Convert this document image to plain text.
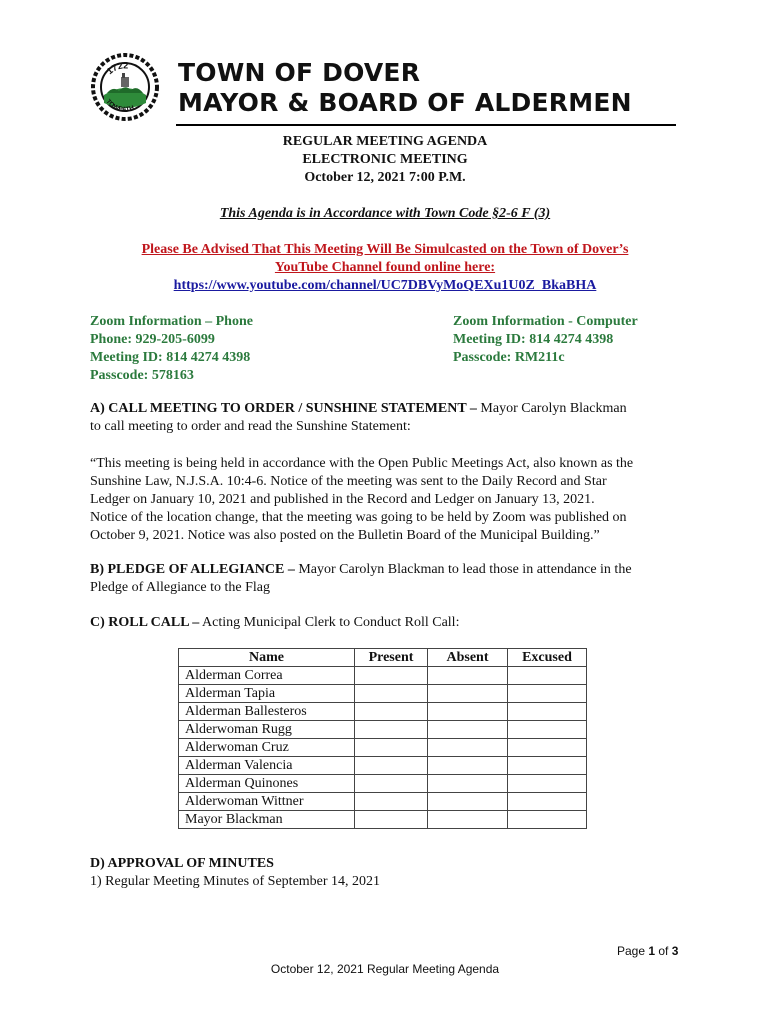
1722
TOWPATH
TOWN OF DOVER
MAYOR & BOARD OF ALDERMEN
REGULAR MEETING AGENDA
ELECTRONIC MEETING
October 12, 2021 7:00 P.M.
This Agenda is in Accordance with Town Code §2-6 F (3)
Please Be Advised That This Meeting Will Be Simulcasted on the Town of Dover’s
YouTube Channel found online here:
https://www.youtube.com/channel/UC7DBVyMoQEXu1U0Z_BkaBHA
Zoom Information – Phone
Phone: 929-205-6099
Meeting ID: 814 4274 4398
Passcode: 578163
Zoom Information - Computer
Meeting ID: 814 4274 4398
Passcode: RM211c
A) CALL MEETING TO ORDER / SUNSHINE STATEMENT – Mayor Carolyn Blackman
to call meeting to order and read the Sunshine Statement:
“This meeting is being held in accordance with the Open Public Meetings Act, also known as the
Sunshine Law, N.J.S.A. 10:4-6. Notice of the meeting was sent to the Daily Record and Star
Ledger on January 10, 2021 and published in the Record and Ledger on January 13, 2021.
Notice of the location change, that the meeting was going to be held by Zoom was published on
October 9, 2021. Notice was also posted on the Bulletin Board of the Municipal Building.”
B) PLEDGE OF ALLEGIANCE – Mayor Carolyn Blackman to lead those in attendance in the
Pledge of Allegiance to the Flag
C) ROLL CALL – Acting Municipal Clerk to Conduct Roll Call:
Name	Present	Absent	Excused
Alderman Correa			
Alderman Tapia			
Alderman Ballesteros			
Alderwoman Rugg			
Alderwoman Cruz			
Alderman Valencia			
Alderman Quinones			
Alderwoman Wittner			
Mayor Blackman			
D) APPROVAL OF MINUTES
1) Regular Meeting Minutes of September 14, 2021
Page 1 of 3
October 12, 2021 Regular Meeting Agenda
